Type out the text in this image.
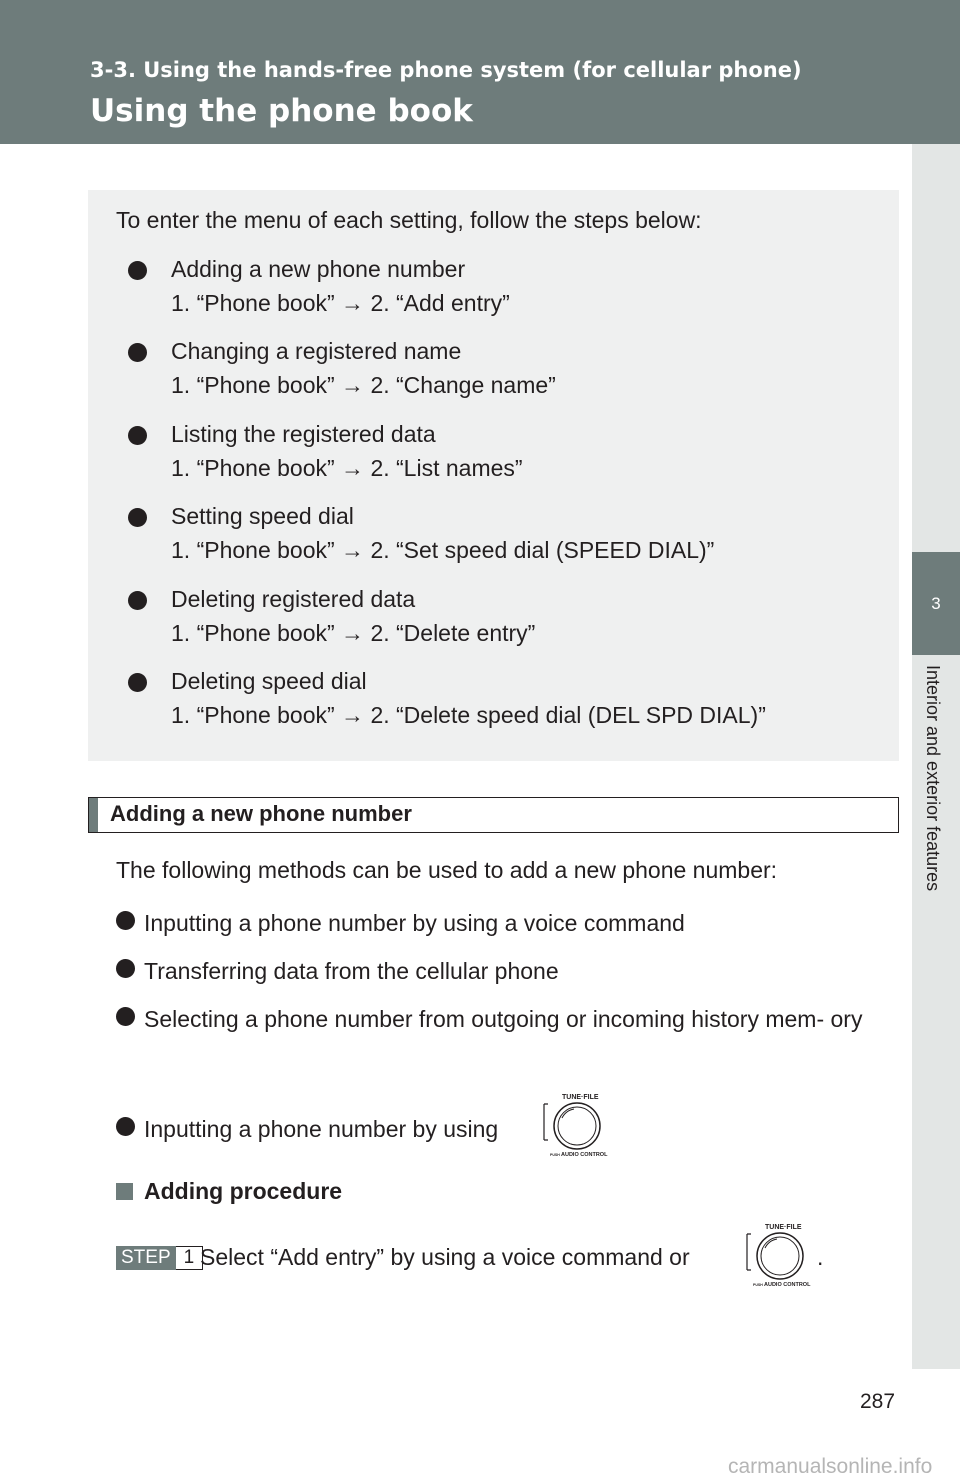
3-3. Using the hands-free phone system (for cellular phone)
Using the phone book
3
Interior and exterior features
To enter the menu of each setting, follow the steps below:
Adding a new phone number
1. “Phone book” → 2. “Add entry”
Changing a registered name
1. “Phone book” → 2. “Change name”
Listing the registered data
1. “Phone book” → 2. “List names”
Setting speed dial
1. “Phone book” → 2. “Set speed dial (SPEED DIAL)”
Deleting registered data
1. “Phone book” → 2. “Delete entry”
Deleting speed dial
1. “Phone book” → 2. “Delete speed dial (DEL SPD DIAL)”
Adding a new phone number
The following methods can be used to add a new phone number:
Inputting a phone number by using a voice command
Transferring data from the cellular phone
Selecting a phone number from outgoing or incoming history mem- ory
Inputting a phone number by using
TUNE·FILE
PUSH AUDIO CONTROL
Adding procedure
STEP 1 Select “Add entry” by using a voice command or
TUNE·FILE
PUSH AUDIO CONTROL
.
287
carmanualsonline.info
